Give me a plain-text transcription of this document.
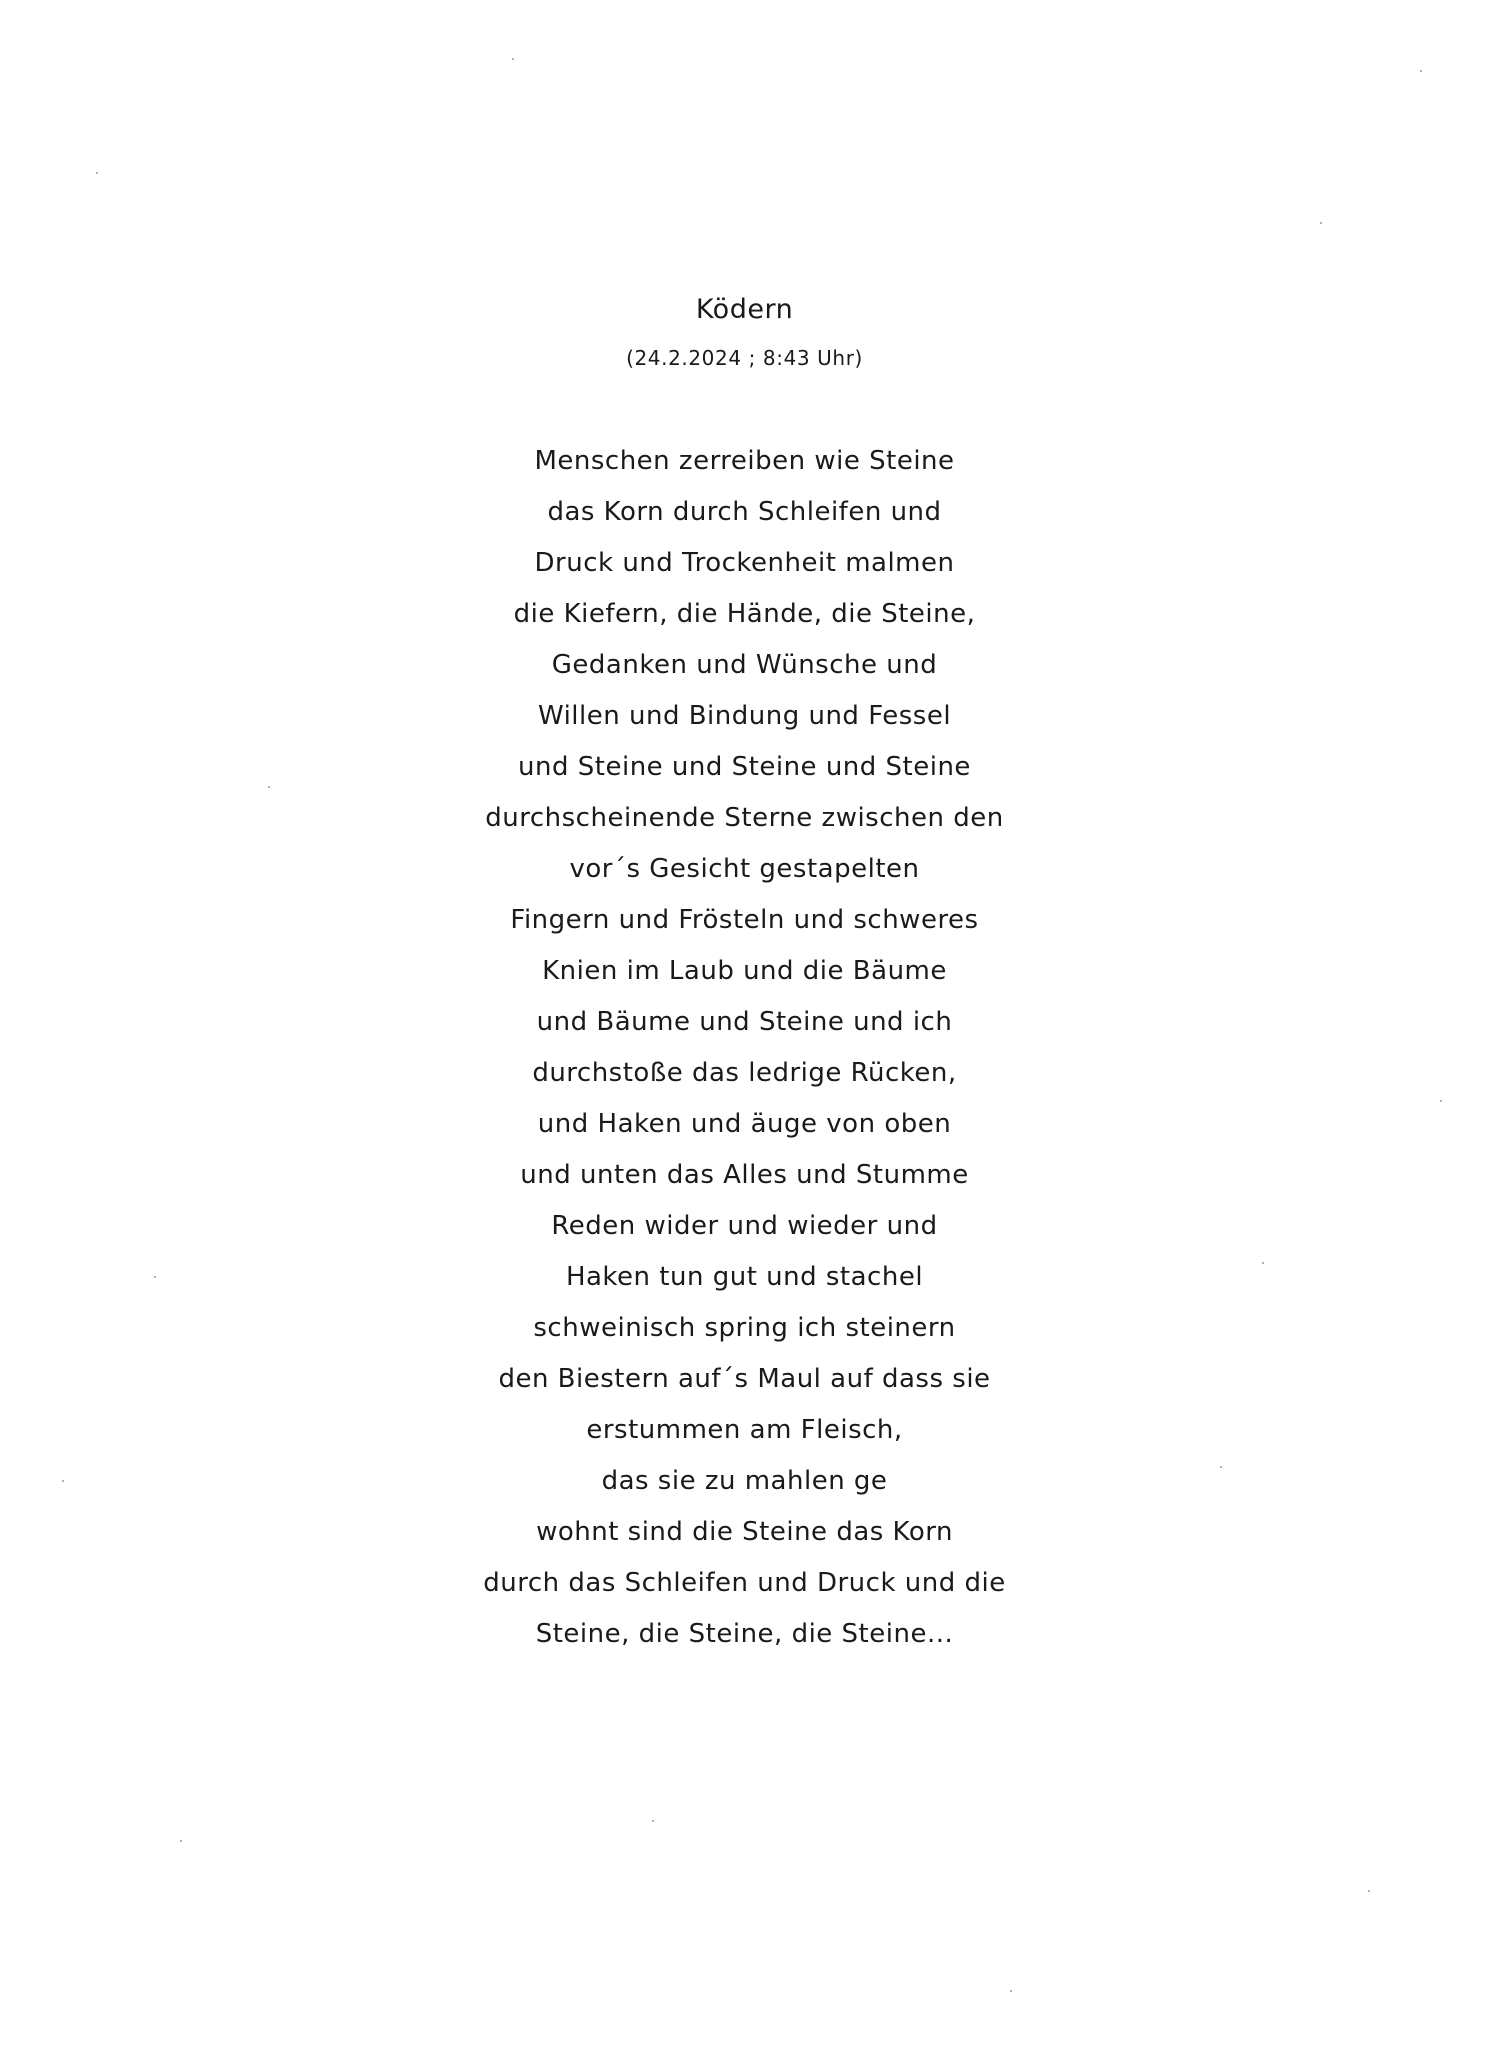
Ködern
(24.2.2024 ; 8:43 Uhr)
Menschen zerreiben wie Steine
das Korn durch Schleifen und
Druck und Trockenheit malmen
die Kiefern, die Hände, die Steine,
Gedanken und Wünsche und
Willen und Bindung und Fessel
und Steine und Steine und Steine
durchscheinende Sterne zwischen den
vor´s Gesicht gestapelten
Fingern und Frösteln und schweres
Knien im Laub und die Bäume
und Bäume und Steine und ich
durchstoße das ledrige Rücken,
und Haken und äuge von oben
und unten das Alles und Stumme
Reden wider und wieder und
Haken tun gut und stachel
schweinisch spring ich steinern
den Biestern auf´s Maul auf dass sie
erstummen am Fleisch,
das sie zu mahlen ge
wohnt sind die Steine das Korn
durch das Schleifen und Druck und die
Steine, die Steine, die Steine...
